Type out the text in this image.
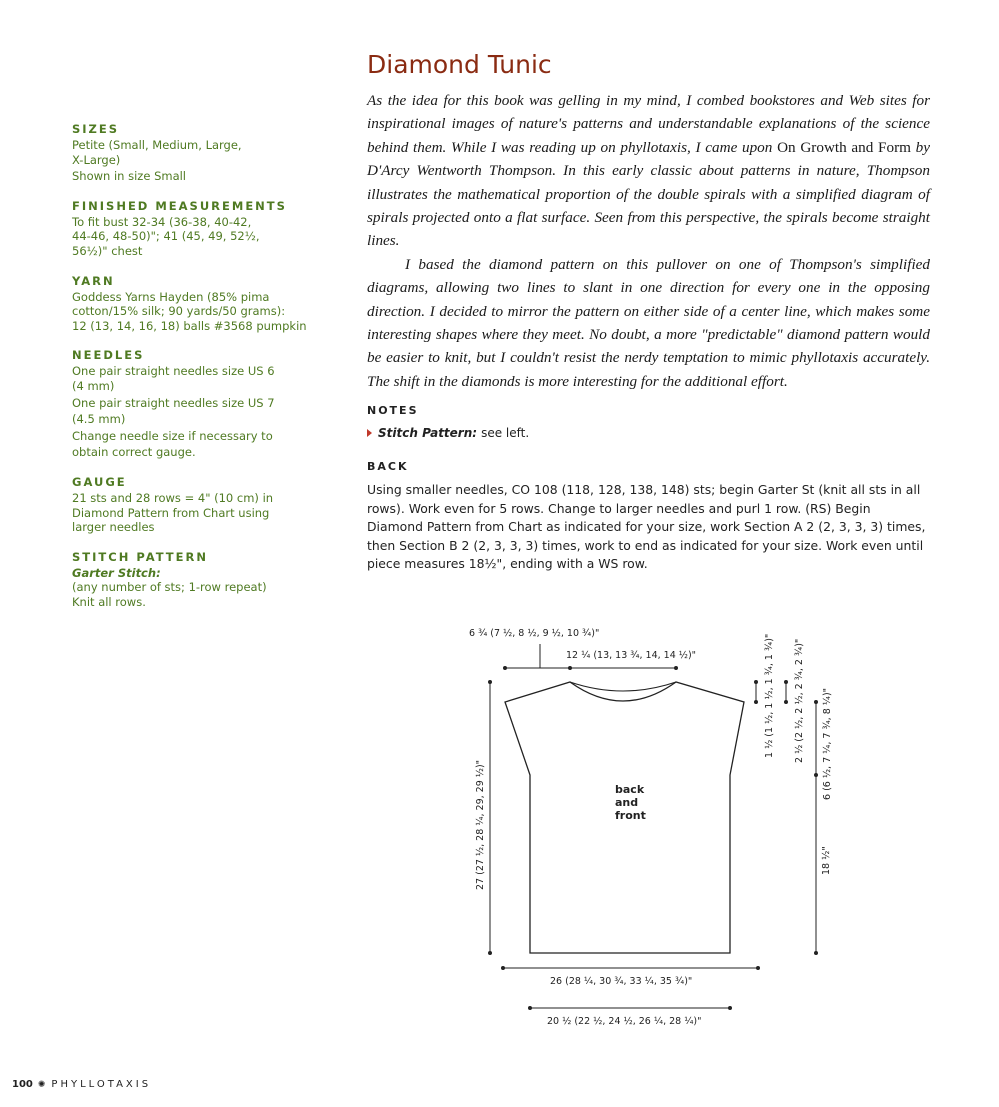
SIZES

Petite (Small, Medium, Large,

X-Large)

Shown in size Small

FINISHED MEASUREMENTS

To fit bust 32-34 (36-38, 40-42,

44-46, 48-50)"; 41 (45, 49, 52½,

56½)" chest

YARN

Goddess Yarns Hayden (85% pima

cotton/15% silk; 90 yards/50 grams):

12 (13, 14, 16, 18) balls #3568 pumpkin

NEEDLES

One pair straight needles size US 6

(4 mm)

One pair straight needles size US 7

(4.5 mm)

Change needle size if necessary to

obtain correct gauge.

GAUGE

21 sts and 28 rows = 4" (10 cm) in

Diamond Pattern from Chart using

larger needles

STITCH PATTERN

Garter Stitch:

(any number of sts; 1-row repeat)

Knit all rows.

Diamond Tunic

As the idea for this book was gelling in my mind, I combed bookstores and Web sites for inspirational images of nature's patterns and understandable explanations of the science behind them. While I was reading up on phyllotaxis, I came upon On Growth and Form by D'Arcy Wentworth Thompson. In this early classic about patterns in nature, Thompson illustrates the mathematical proportion of the double spirals with a simplified diagram of spirals projected onto a flat surface. Seen from this perspective, the spirals become straight lines.

I based the diamond pattern on this pullover on one of Thompson's simplified diagrams, allowing two lines to slant in one direction for every one in the opposing direction. I decided to mirror the pattern on either side of a center line, which makes some interesting shapes where they meet. No doubt, a more "predictable" diamond pattern would be easier to knit, but I couldn't resist the nerdy temptation to mimic phyllotaxis accurately. The shift in the diamonds is more interesting for the additional effort.

NOTES

Stitch Pattern: see left.

BACK

Using smaller needles, CO 108 (118, 128, 138, 148) sts; begin Garter St (knit all sts in all rows). Work even for 5 rows. Change to larger needles and purl 1 row. (RS) Begin Diamond Pattern from Chart as indicated for your size, work Section A 2 (2, 3, 3, 3) times, then Section B 2 (2, 3, 3, 3) times, work to end as indicated for your size. Work even until piece measures 18½", ending with a WS row.

back
and
front
6 ¾ (7 ½, 8 ½, 9 ½, 10 ¾)"
12 ¼ (13, 13 ¾, 14, 14 ½)"	1 ½ (1 ½, 1 ½, 1 ¾, 1 ¾)" 2 ½ (2 ½, 2 ½, 2 ¾, 2 ¾)" 6 (6 ½, 7 ¼, 7 ¾, 8 ¼)"
18 ½"
27 (27 ½, 28 ¼, 29, 29 ½)"
26 (28 ¼, 30 ¾, 33 ¼, 35 ¾)"
20 ½ (22 ½, 24 ½, 26 ¼, 28 ¼)"
100 ✺ PHYLLOTAXIS
